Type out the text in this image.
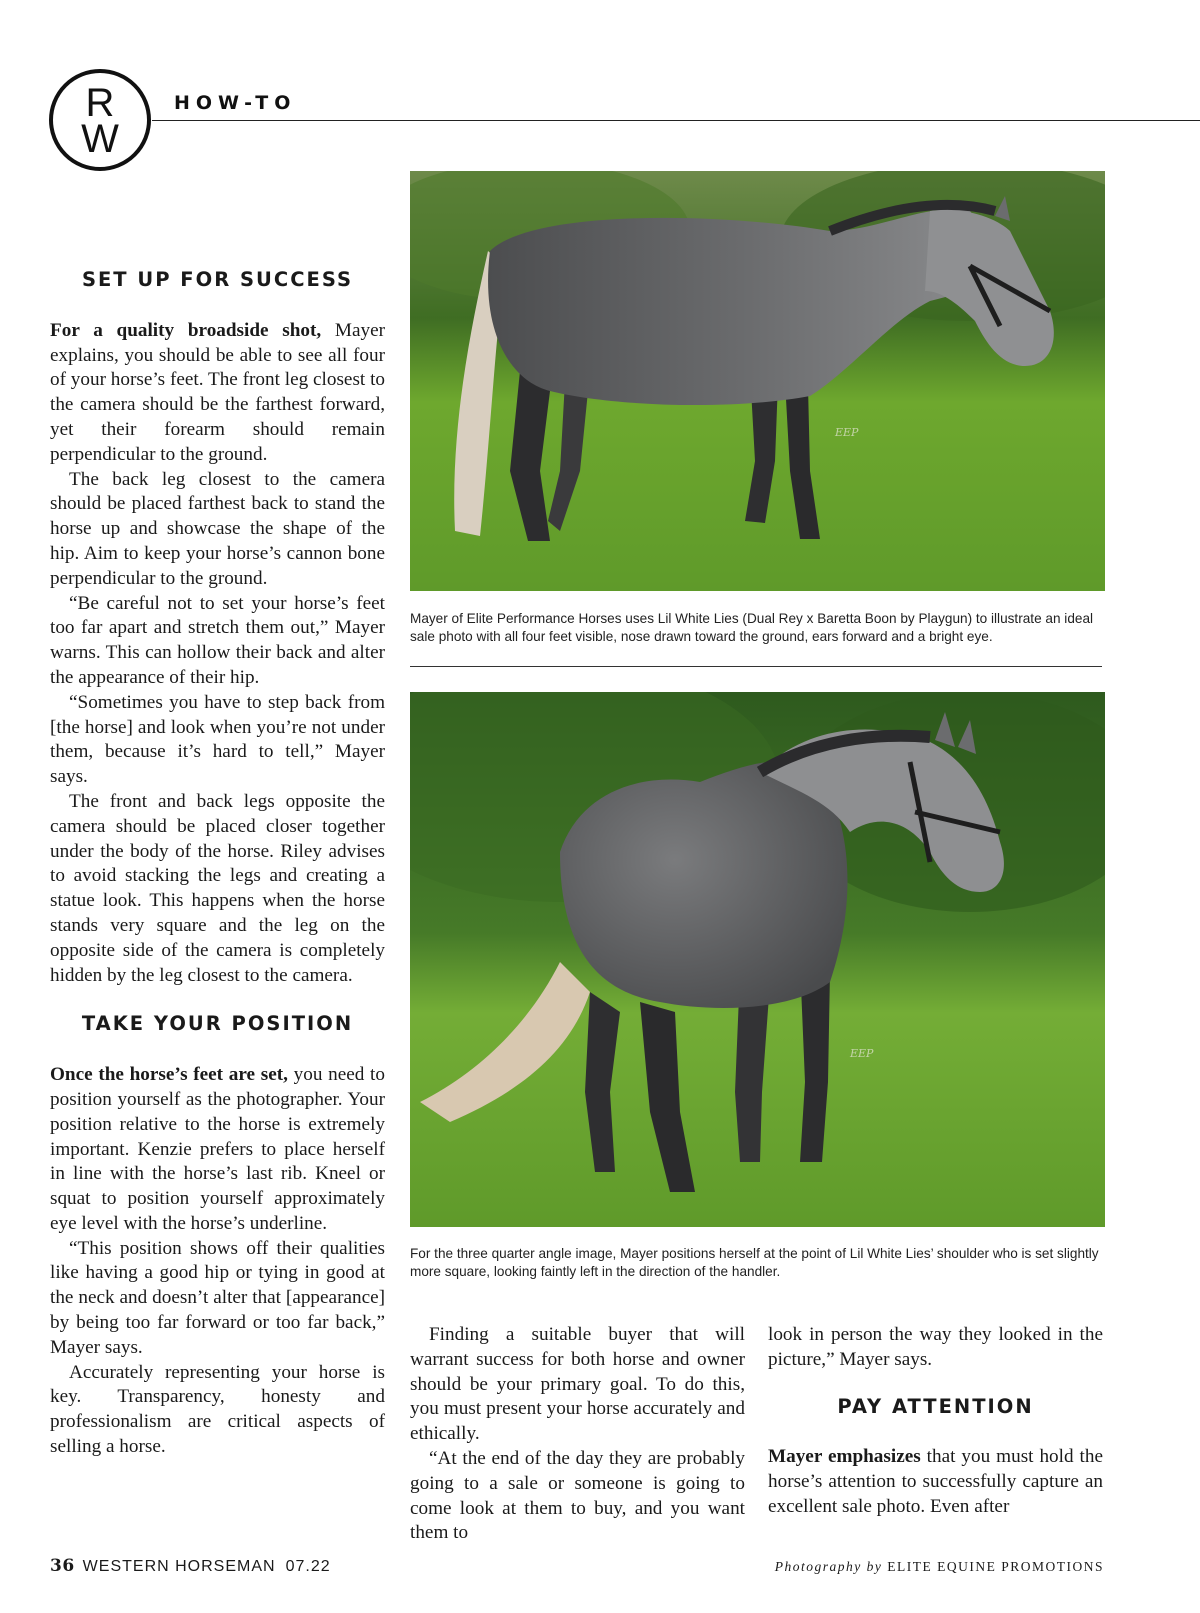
R
W
HOW-TO
SET UP FOR SUCCESS

For a quality broadside shot, Mayer explains, you should be able to see all four of your horse’s feet. The front leg closest to the camera should be the farthest forward, yet their forearm should remain perpendicular to the ground.

The back leg closest to the camera should be placed farthest back to stand the horse up and showcase the shape of the hip. Aim to keep your horse’s cannon bone perpendicular to the ground.

“Be careful not to set your horse’s feet too far apart and stretch them out,” Mayer warns. This can hollow their back and alter the appearance of their hip.

“Sometimes you have to step back from [the horse] and look when you’re not under them, because it’s hard to tell,” Mayer says.

The front and back legs opposite the camera should be placed closer together under the body of the horse. Riley advises to avoid stacking the legs and creating a statue look. This happens when the horse stands very square and the leg on the opposite side of the camera is completely hidden by the leg closest to the camera.

TAKE YOUR POSITION

Once the horse’s feet are set, you need to position yourself as the photographer. Your position relative to the horse is extremely important. Kenzie prefers to place herself in line with the horse’s last rib. Kneel or squat to position yourself approximately eye level with the horse’s underline.

“This position shows off their qualities like having a good hip or tying in good at the neck and doesn’t alter that [appearance] by being too far forward or too far back,” Mayer says.

Accurately representing your horse is key. Transparency, honesty and professionalism are critical aspects of selling a horse.

EEP

Mayer of Elite Performance Horses uses Lil White Lies (Dual Rey x Baretta Boon by Playgun) to illustrate an ideal sale photo with all four feet visible, nose drawn toward the ground, ears forward and a bright eye.

EEP

For the three quarter angle image, Mayer positions herself at the point of Lil White Lies’ shoulder who is set slightly more square, looking faintly left in the direction of the handler.

Finding a suitable buyer that will warrant success for both horse and owner should be your primary goal. To do this, you must present your horse accurately and ethically.

“At the end of the day they are probably going to a sale or someone is going to come look at them to buy, and you want them to

look in person the way they looked in the picture,” Mayer says.

PAY ATTENTION

Mayer emphasizes that you must hold the horse’s attention to successfully capture an excellent sale photo. Even after

36 WESTERN HORSEMAN 07.22	Photography by ELITE EQUINE PROMOTIONS
